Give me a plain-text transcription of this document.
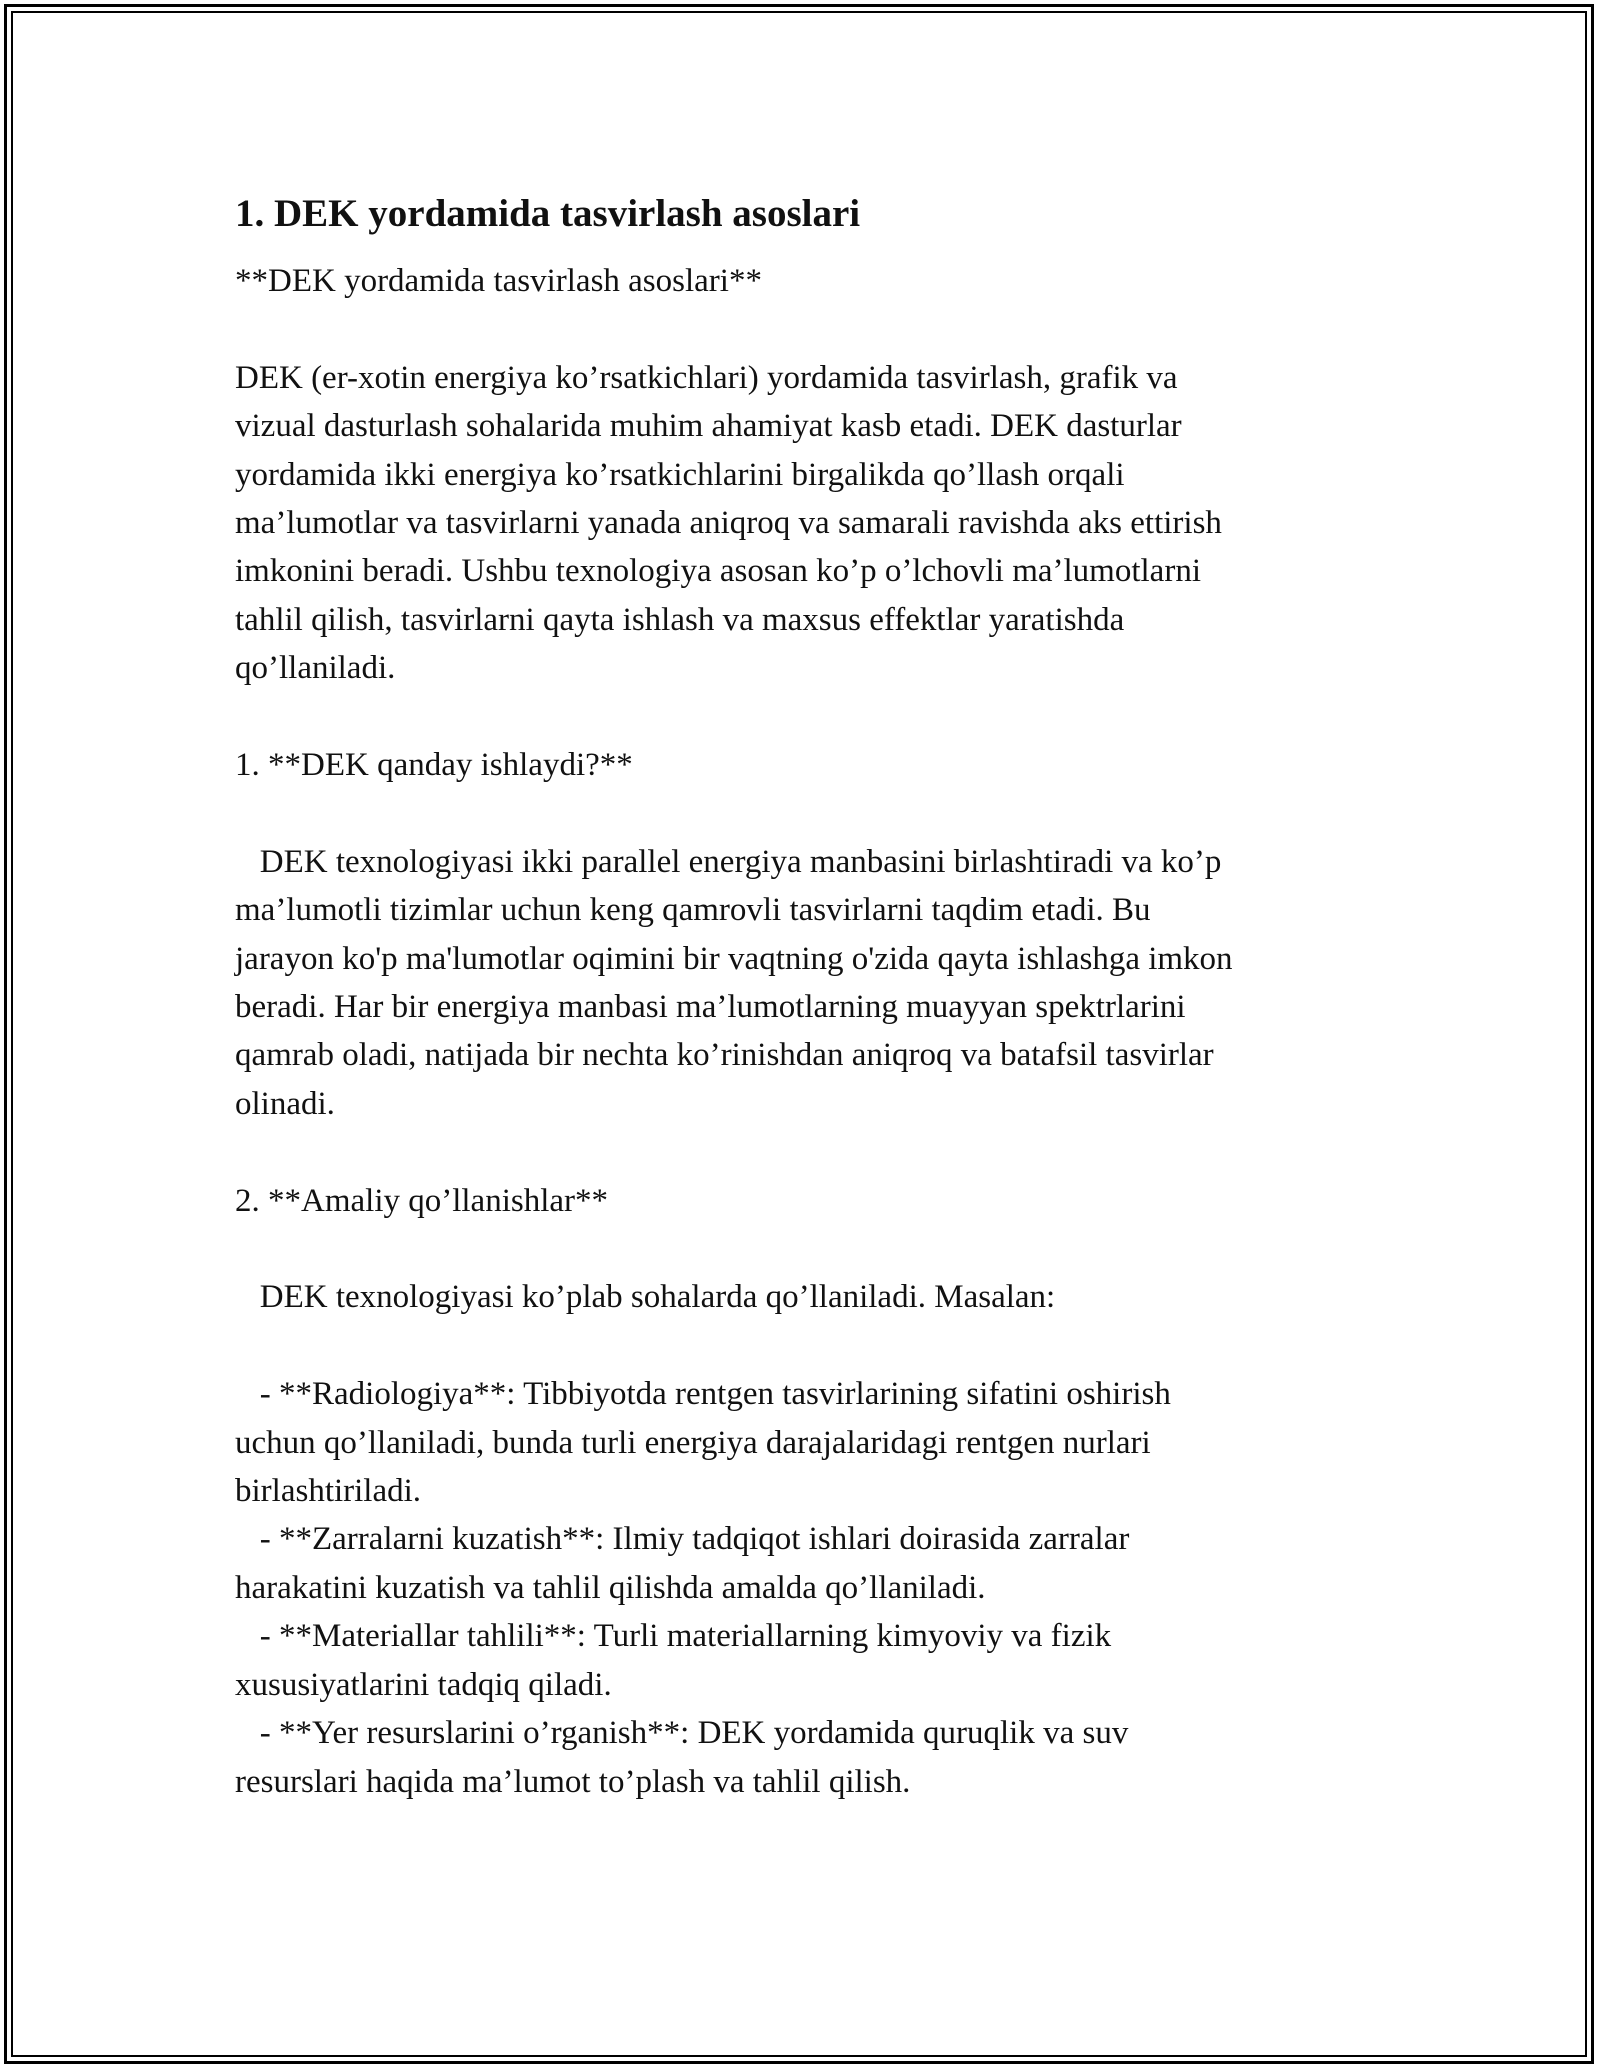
1. DEK yordamida tasvirlash asoslari

**DEK yordamida tasvirlash asoslari**

DEK (er-xotin energiya ko’rsatkichlari) yordamida tasvirlash, grafik va
vizual dasturlash sohalarida muhim ahamiyat kasb etadi. DEK dasturlar
yordamida ikki energiya ko’rsatkichlarini birgalikda qo’llash orqali
ma’lumotlar va tasvirlarni yanada aniqroq va samarali ravishda aks ettirish
imkonini beradi. Ushbu texnologiya asosan ko’p o’lchovli ma’lumotlarni
tahlil qilish, tasvirlarni qayta ishlash va maxsus effektlar yaratishda
qo’llaniladi.

1. **DEK qanday ishlaydi?**

DEK texnologiyasi ikki parallel energiya manbasini birlashtiradi va ko’p
ma’lumotli tizimlar uchun keng qamrovli tasvirlarni taqdim etadi. Bu
jarayon ko'p ma'lumotlar oqimini bir vaqtning o'zida qayta ishlashga imkon
beradi. Har bir energiya manbasi ma’lumotlarning muayyan spektrlarini
qamrab oladi, natijada bir nechta ko’rinishdan aniqroq va batafsil tasvirlar
olinadi.

2. **Amaliy qo’llanishlar**

DEK texnologiyasi ko’plab sohalarda qo’llaniladi. Masalan:

- **Radiologiya**: Tibbiyotda rentgen tasvirlarining sifatini oshirish
uchun qo’llaniladi, bunda turli energiya darajalaridagi rentgen nurlari
birlashtiriladi.
- **Zarralarni kuzatish**: Ilmiy tadqiqot ishlari doirasida zarralar
harakatini kuzatish va tahlil qilishda amalda qo’llaniladi.
- **Materiallar tahlili**: Turli materiallarning kimyoviy va fizik
xususiyatlarini tadqiq qiladi.
- **Yer resurslarini o’rganish**: DEK yordamida quruqlik va suv
resurslari haqida ma’lumot to’plash va tahlil qilish.
